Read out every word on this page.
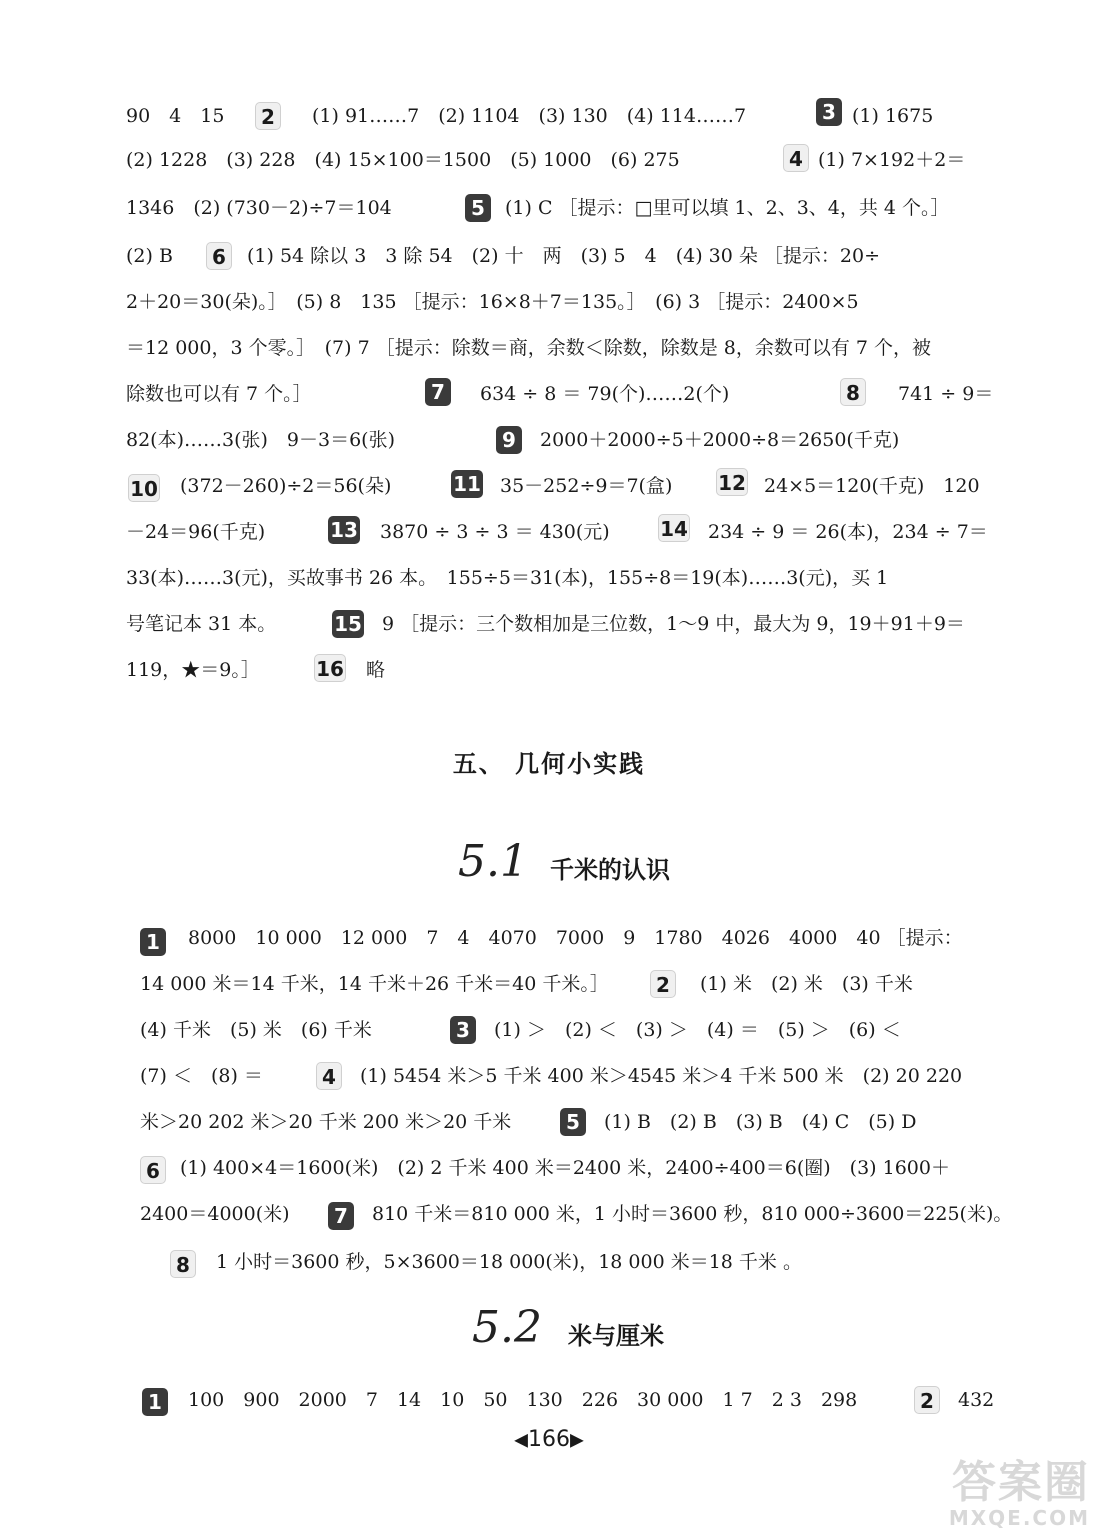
90　4　15	2	(1) 91……7　(2) 1104　(3) 130　(4) 114……7	3 (1) 1675
(2) 1228　(3) 228　(4) 15×100＝1500　(5) 1000　(6) 275	4 (1) 7×192＋2＝
1346　(2) (730－2)÷7＝104	5	(1) C ［提示：□里可以填 1、2、3、4，共 4 个。］
(2) B	6	(1) 54 除以 3　3 除 54　(2) 十　两　(3) 5　4　(4) 30 朵 ［提示：20÷
2＋20＝30(朵)。］　(5) 8　135 ［提示：16×8＋7＝135。］　(6) 3 ［提示：2400×5
＝12 000，3 个零。］　(7) 7 ［提示：除数＝商，余数＜除数，除数是 8，余数可以有 7 个，被
除数也可以有 7 个。］	7	634 ÷ 8 ＝ 79(个)……2(个)	8	741 ÷ 9＝
82(本)……3(张)　9－3＝6(张)	9	2000＋2000÷5＋2000÷8＝2650(千克)
10 (372－260)÷2＝56(朵)	11 35－252÷9＝7(盒) 12 24×5＝120(千克)　120
－24＝96(千克)	13 3870 ÷ 3 ÷ 3 ＝ 430(元)	14 234 ÷ 9 ＝ 26(本)，234 ÷ 7＝
33(本)……3(元)，买故事书 26 本。　155÷5＝31(本)，155÷8＝19(本)……3(元)，买 1
号笔记本 31 本。	15 9 ［提示：三个数相加是三位数，1～9 中，最大为 9，19＋91＋9＝
119，★＝9。］	16 略
五、 几何小实践
5.1 千米的认识
1	8000　10 000　12 000　7　4　4070　7000　9　1780　4026　4000　40 ［提示：
14 000 米＝14 千米，14 千米＋26 千米＝40 千米。］	2	(1) 米　(2) 米　(3) 千米
(4) 千米　(5) 米　(6) 千米	3	(1) ＞　(2) ＜　(3) ＞　(4) ＝　(5) ＞　(6) ＜
(7) ＜　(8) ＝	4	(1) 5454 米＞5 千米 400 米＞4545 米＞4 千米 500 米　(2) 20 220
米＞20 202 米＞20 千米 200 米＞20 千米	5	(1) B　(2) B　(3) B　(4) C　(5) D
6	(1) 400×4＝1600(米)　(2) 2 千米 400 米＝2400 米，2400÷400＝6(圈)　(3) 1600＋
2400＝4000(米)	7	810 千米＝810 000 米，1 小时＝3600 秒，810 000÷3600＝225(米)。
8	1 小时＝3600 秒，5×3600＝18 000(米)，18 000 米＝18 千米 。
5.2 米与厘米
1	100　900　2000　7　14　10　50　130　226　30 000　1 7　2 3　298	2	432
◀166▶
答案圈
MXQE.COM
